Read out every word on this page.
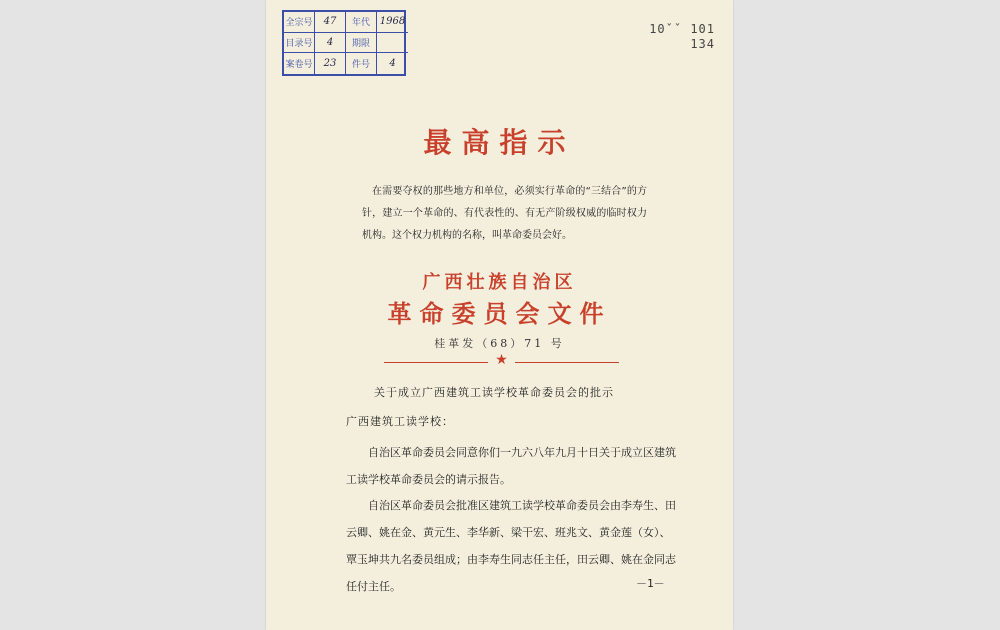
全宗号	47	年代 1968
目录号	4	期限
案卷号	23	件号	4
10ˇˇ 101
134
最高指示
在需要夺权的那些地方和单位，必须实行革命的“三结合”的方针，建立一个革命的、有代表性的、有无产阶级权威的临时权力机构。这个权力机构的名称，叫革命委员会好。
广西壮族自治区
革命委员会文件
桂革发（68）71 号
★
关于成立广西建筑工读学校革命委员会的批示
广西建筑工读学校：
自治区革命委员会同意你们一九六八年九月十日关于成立区建筑工读学校革命委员会的请示报告。
自治区革命委员会批准区建筑工读学校革命委员会由李寿生、田云卿、姚在金、黄元生、李华新、梁干宏、班兆文、黄金莲（女）、覃玉坤共九名委员组成；由李寿生同志任主任，田云卿、姚在金同志任付主任。	－1－
